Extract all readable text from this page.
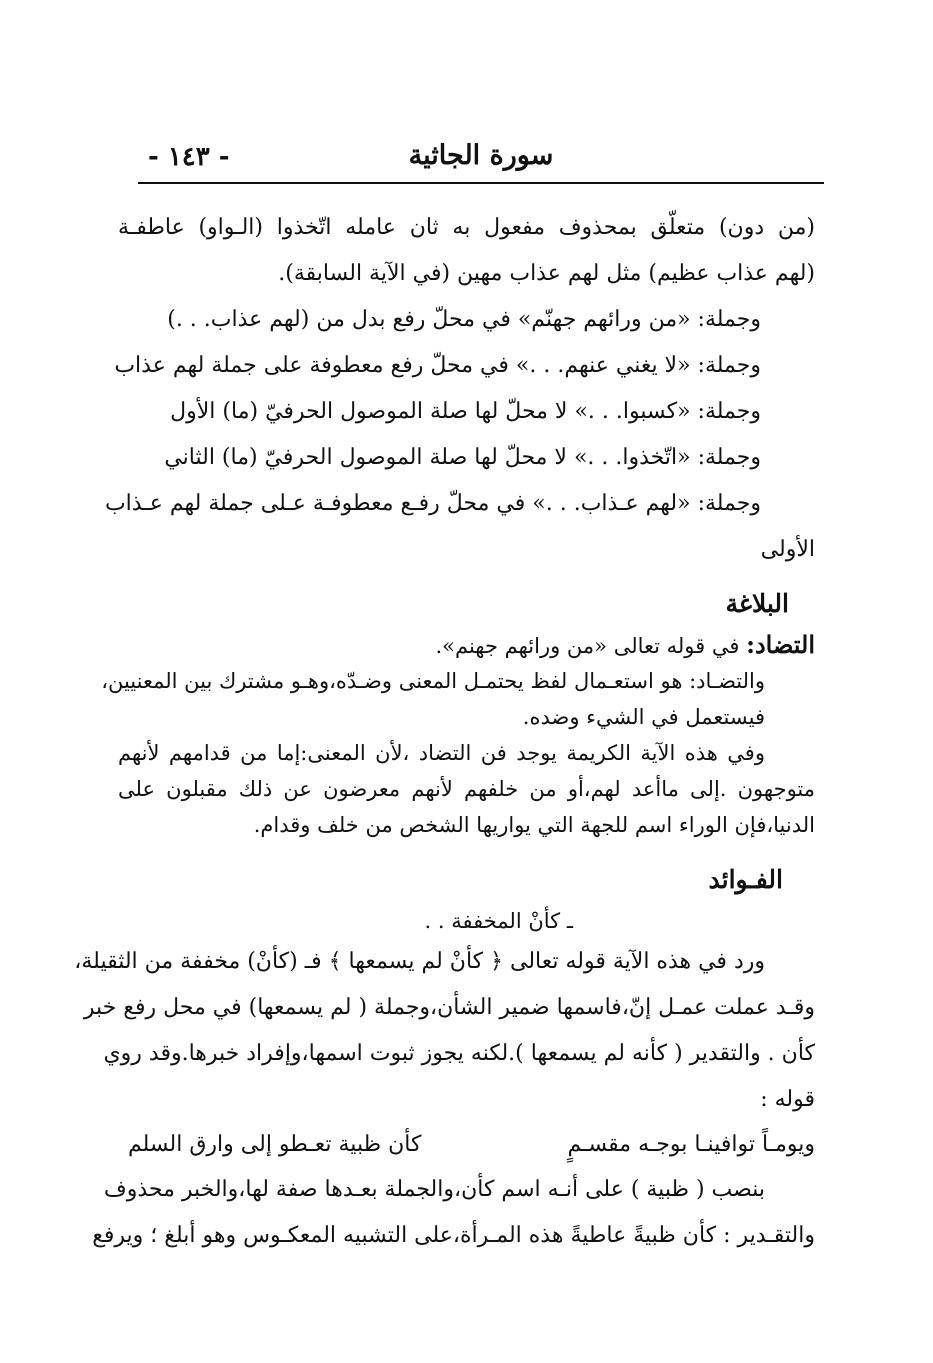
- ١٤٣ -	سورة الجاثية
(من دون) متعلّق بمحذوف مفعول به ثان عامله اتّخذوا (الـواو) عاطفـة
(لهم عذاب عظيم) مثل لهم عذاب مهين (في الآية السابقة).
وجملة: «من ورائهم جهنّم» في محلّ رفع بدل من (لهم عذاب. . .)
وجملة: «لا يغني عنهم. . .» في محلّ رفع معطوفة على جملة لهم عذاب
وجملة: «كسبوا. . .» لا محلّ لها صلة الموصول الحرفيّ (ما) الأول
وجملة: «اتّخذوا. . .» لا محلّ لها صلة الموصول الحرفيّ (ما) الثاني
وجملة: «لهم عـذاب. . .» في محلّ رفـع معطوفـة عـلى جملة لهم عـذاب
الأولى
البلاغة
التضاد: في قوله تعالى «من ورائهم جهنم».
والتضـاد: هو استعـمال لفظ يحتمـل المعنى وضـدّه،وهـو مشترك بين المعنيين،
فيستعمل في الشيء وضده.
وفي هذه الآية الكريمة يوجد فن التضاد ،لأن المعنى:إما من قدامهم لأنهم
متوجهون .إلى ماأعد لهم،أو من خلفهم لأنهم معرضون عن ذلك مقبلون على
الدنيا،فإن الوراء اسم للجهة التي يواريها الشخص من خلف وقدام.
الفـوائد
ـ كأنْ المخففة . .
ورد في هذه الآية قوله تعالى ﴿ كأنْ لم يسمعها ﴾ فـ (كأنْ) مخففة من الثقيلة،
وقـد عملت عمـل إنّ،فاسمها ضمير الشأن،وجملة ( لم يسمعها) في محل رفع خبر
كأن . والتقدير ( كأنه لم يسمعها ).لكنه يجوز ثبوت اسمها،وإفراد خبرها.وقد روي
قوله :
ويومـاً توافينـا بوجـه مقسـمٍ
كأن ظبية تعـطو إلى وارق السلم
بنصب ( ظبية ) على أنـه اسم كأن،والجملة بعـدها صفة لها،والخبر محذوف
والتقـدير : كأن ظبيةً عاطيةً هذه المـرأة،على التشبيه المعكـوس وهو أبلغ ؛ ويرفع
